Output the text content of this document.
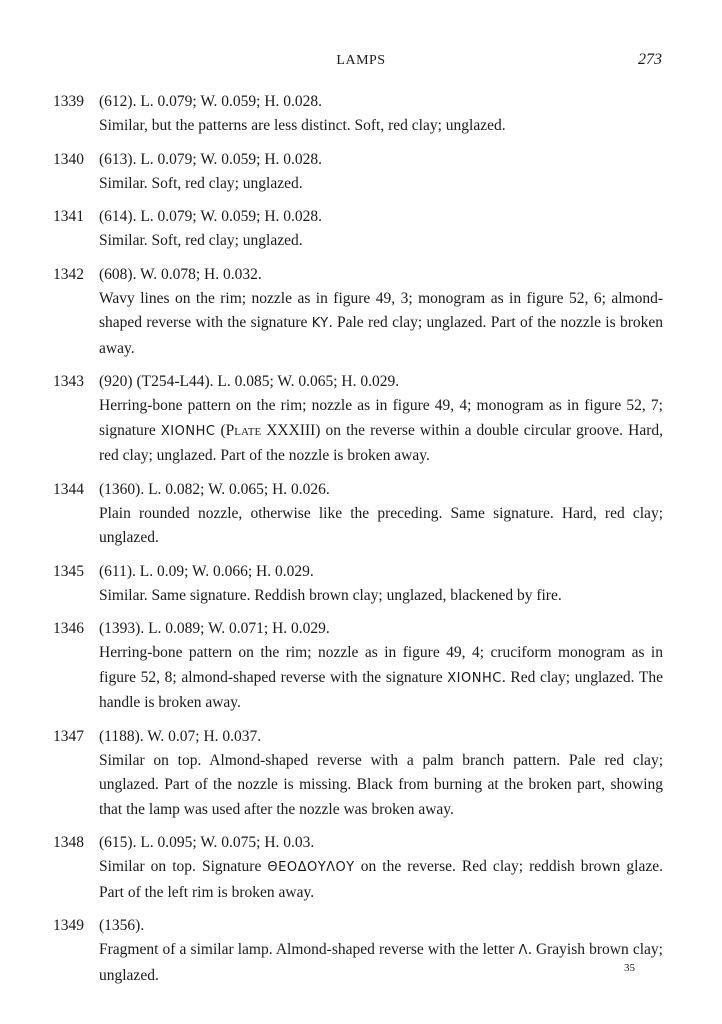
LAMPS	273
1339 (612). L. 0.079; W. 0.059; H. 0.028.
Similar, but the patterns are less distinct. Soft, red clay; unglazed.
1340 (613). L. 0.079; W. 0.059; H. 0.028.
Similar. Soft, red clay; unglazed.
1341 (614). L. 0.079; W. 0.059; H. 0.028.
Similar. Soft, red clay; unglazed.
1342 (608). W. 0.078; H. 0.032.
Wavy lines on the rim; nozzle as in figure 49, 3; monogram as in figure 52, 6; almond-shaped reverse with the signature KY. Pale red clay; unglazed. Part of the nozzle is broken away.
1343 (920) (T254-L44). L. 0.085; W. 0.065; H. 0.029.
Herring-bone pattern on the rim; nozzle as in figure 49, 4; monogram as in figure 52, 7; signature XIONHC (Plate XXXIII) on the reverse within a double circular groove. Hard, red clay; unglazed. Part of the nozzle is broken away.
1344 (1360). L. 0.082; W. 0.065; H. 0.026.
Plain rounded nozzle, otherwise like the preceding. Same signature. Hard, red clay; unglazed.
1345 (611). L. 0.09; W. 0.066; H. 0.029.
Similar. Same signature. Reddish brown clay; unglazed, blackened by fire.
1346 (1393). L. 0.089; W. 0.071; H. 0.029.
Herring-bone pattern on the rim; nozzle as in figure 49, 4; cruciform monogram as in figure 52, 8; almond-shaped reverse with the signature XIONHC. Red clay; unglazed. The handle is broken away.
1347 (1188). W. 0.07; H. 0.037.
Similar on top. Almond-shaped reverse with a palm branch pattern. Pale red clay; unglazed. Part of the nozzle is missing. Black from burning at the broken part, showing that the lamp was used after the nozzle was broken away.
1348 (615). L. 0.095; W. 0.075; H. 0.03.
Similar on top. Signature ΘΕΟΔΟΥΛΟΥ on the reverse. Red clay; reddish brown glaze. Part of the left rim is broken away.
1349 (1356).
Fragment of a similar lamp. Almond-shaped reverse with the letter Λ. Grayish brown clay; unglazed.	35
